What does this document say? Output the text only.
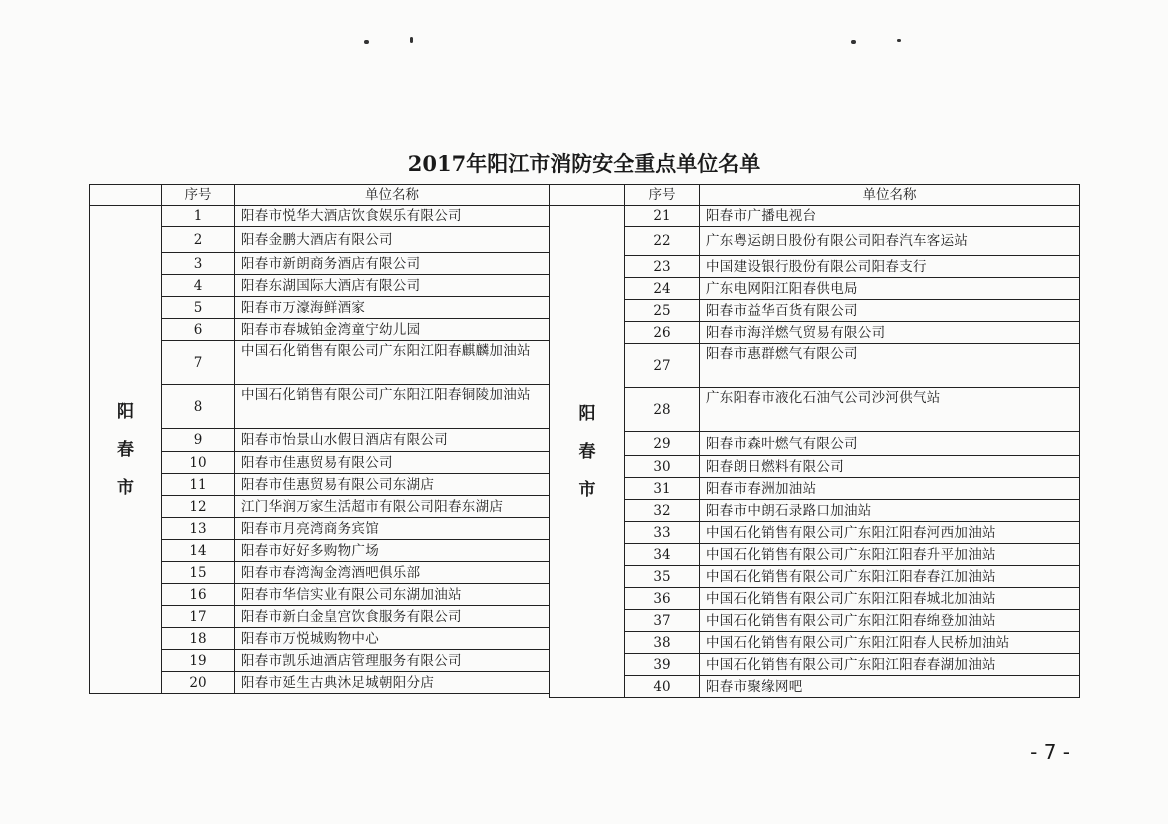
2017年阳江市消防安全重点单位名单
	序号	单位名称

阳
春
市	1	阳春市悦华大酒店饮食娱乐有限公司
	2	阳春金鹏大酒店有限公司
	3	阳春市新朗商务酒店有限公司
	4	阳春东湖国际大酒店有限公司
	5	阳春市万濠海鲜酒家
	6	阳春市春城铂金湾童宁幼儿园
	7	中国石化销售有限公司广东阳江阳春麒麟加油站
	8	中国石化销售有限公司广东阳江阳春铜陵加油站
	9	阳春市怡景山水假日酒店有限公司
	10	阳春市佳惠贸易有限公司
	11	阳春市佳惠贸易有限公司东湖店
	12	江门华润万家生活超市有限公司阳春东湖店
	13	阳春市月亮湾商务宾馆
	14	阳春市好好多购物广场
	15	阳春市春湾淘金湾酒吧俱乐部
	16	阳春市华信实业有限公司东湖加油站
	17	阳春市新白金皇宫饮食服务有限公司
	18	阳春市万悦城购物中心
	19	阳春市凯乐迪酒店管理服务有限公司
	20	阳春市延生古典沐足城朝阳分店
	序号	单位名称

阳
春
市	21	阳春市广播电视台
	22	广东粤运朗日股份有限公司阳春汽车客运站
	23	中国建设银行股份有限公司阳春支行
	24	广东电网阳江阳春供电局
	25	阳春市益华百货有限公司
	26	阳春市海洋燃气贸易有限公司
	27	阳春市惠群燃气有限公司
	28	广东阳春市液化石油气公司沙河供气站
	29	阳春市森叶燃气有限公司
	30	阳春朗日燃料有限公司
	31	阳春市春洲加油站
	32	阳春市中朗石录路口加油站
	33	中国石化销售有限公司广东阳江阳春河西加油站
	34	中国石化销售有限公司广东阳江阳春升平加油站
	35	中国石化销售有限公司广东阳江阳春春江加油站
	36	中国石化销售有限公司广东阳江阳春城北加油站
	37	中国石化销售有限公司广东阳江阳春绵登加油站
	38	中国石化销售有限公司广东阳江阳春人民桥加油站
	39	中国石化销售有限公司广东阳江阳春春湖加油站
	40	阳春市聚缘网吧
- 7 -
